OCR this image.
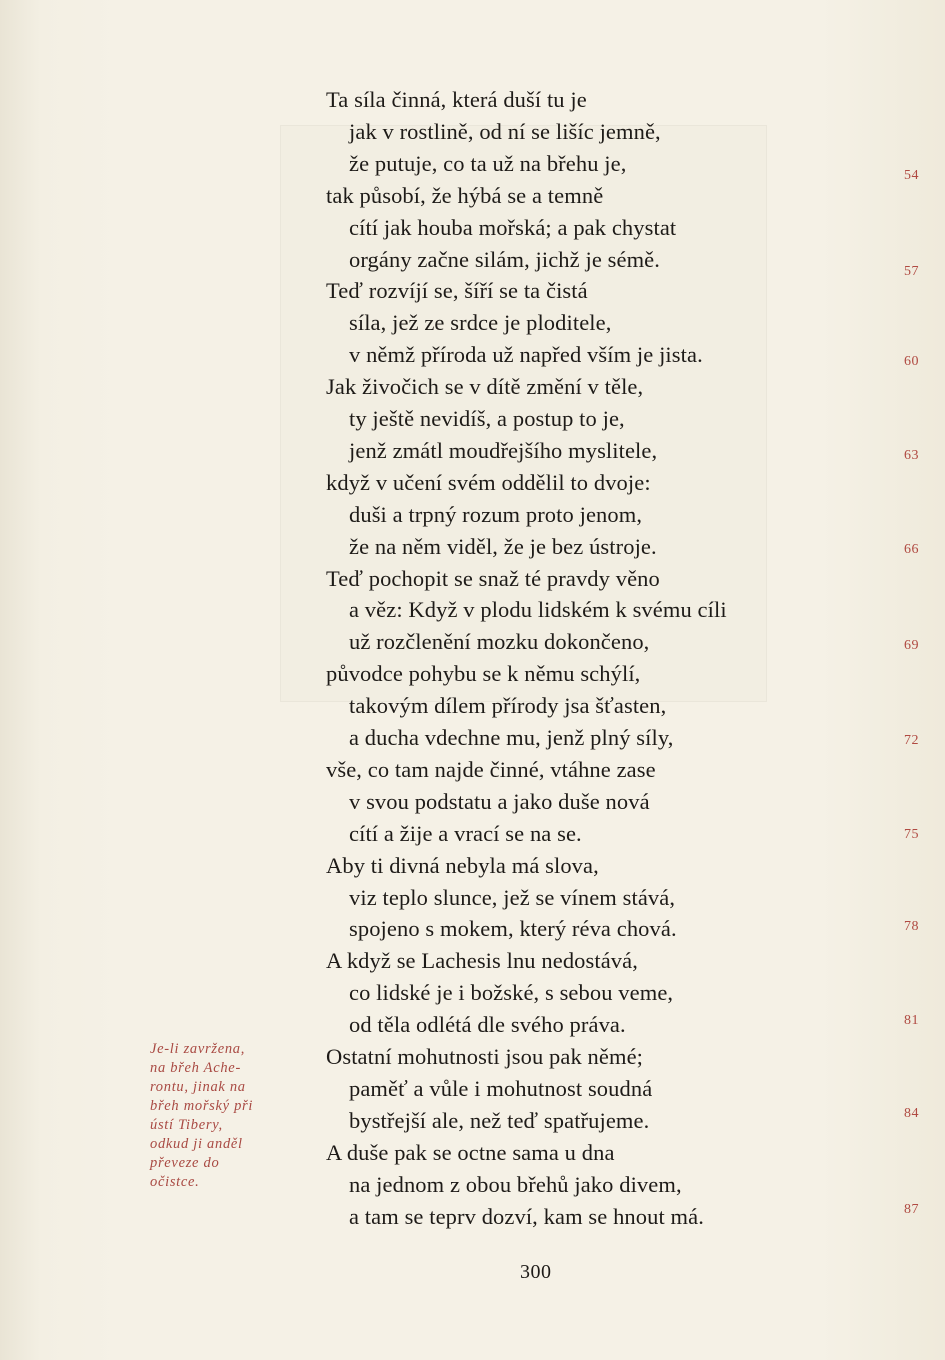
Ta síla činná, která duší tu je
jak v rostlině, od ní se lišíc jemně,
že putuje, co ta už na břehu je,
tak působí, že hýbá se a temně
cítí jak houba mořská; a pak chystat
orgány začne silám, jichž je sémě.
Teď rozvíjí se, šíří se ta čistá
síla, jež ze srdce je ploditele,
v němž příroda už napřed vším je jista.
Jak živočich se v dítě změní v těle,
ty ještě nevidíš, a postup to je,
jenž zmátl moudřejšího myslitele,
když v učení svém oddělil to dvoje:
duši a trpný rozum proto jenom,
že na něm viděl, že je bez ústroje.
Teď pochopit se snaž té pravdy věno
a věz: Když v plodu lidském k svému cíli
už rozčlenění mozku dokončeno,
původce pohybu se k němu schýlí,
takovým dílem přírody jsa šťasten,
a ducha vdechne mu, jenž plný síly,
vše, co tam najde činné, vtáhne zase
v svou podstatu a jako duše nová
cítí a žije a vrací se na se.
Aby ti divná nebyla má slova,
viz teplo slunce, jež se vínem stává,
spojeno s mokem, který réva chová.
A když se Lachesis lnu nedostává,
co lidské je i božské, s sebou veme,
od těla odlétá dle svého práva.
Ostatní mohutnosti jsou pak němé;
paměť a vůle i mohutnost soudná
bystřejší ale, než teď spatřujeme.
A duše pak se octne sama u dna
na jednom z obou břehů jako divem,
a tam se teprv dozví, kam se hnout má.
54
57
60
63
66
69
72
75
78
81
84
87
Je-li zavržena,
na břeh Ache-
rontu, jinak na
břeh mořský při
ústí Tibery,
odkud ji anděl
převeze do
očistce.
300
